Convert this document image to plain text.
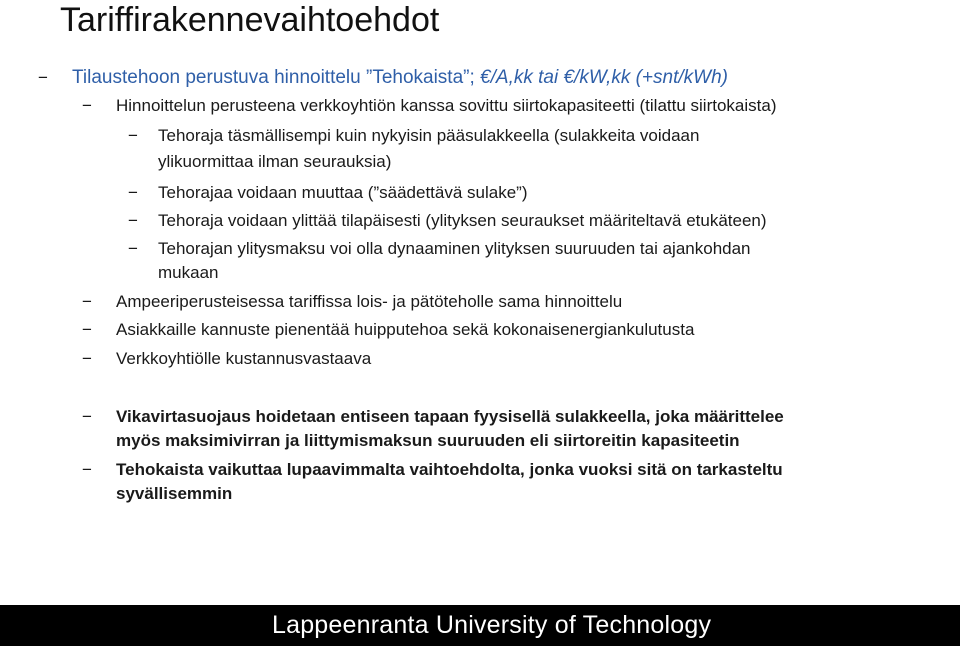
Tariffirakennevaihtoehdot
− Tilaustehoon perustuva hinnoittelu ”Tehokaista”; €/A,kk tai €/kW,kk (+snt/kWh)
− Hinnoittelun perusteena verkkoyhtiön kanssa sovittu siirtokapasiteetti (tilattu siirtokaista)
− Tehoraja täsmällisempi kuin nykyisin pääsulakkeella (sulakkeita voidaan
ylikuormittaa ilman seurauksia)
− Tehorajaa voidaan muuttaa (”säädettävä sulake”)
− Tehoraja voidaan ylittää tilapäisesti (ylityksen seuraukset määriteltavä etukäteen)
− Tehorajan ylitysmaksu voi olla dynaaminen ylityksen suuruuden tai ajankohdan
mukaan
− Ampeeriperusteisessa tariffissa lois- ja pätöteholle sama hinnoittelu
− Asiakkaille kannuste pienentää huipputehoa sekä kokonaisenergiankulutusta
− Verkkoyhtiölle kustannusvastaava
− Vikavirtasuojaus hoidetaan entiseen tapaan fyysisellä sulakkeella, joka määrittelee
myös maksimivirran ja liittymismaksun suuruuden eli siirtoreitin kapasiteetin
− Tehokaista vaikuttaa lupaavimmalta vaihtoehdolta, jonka vuoksi sitä on tarkasteltu
syvällisemmin
Lappeenranta University of Technology
